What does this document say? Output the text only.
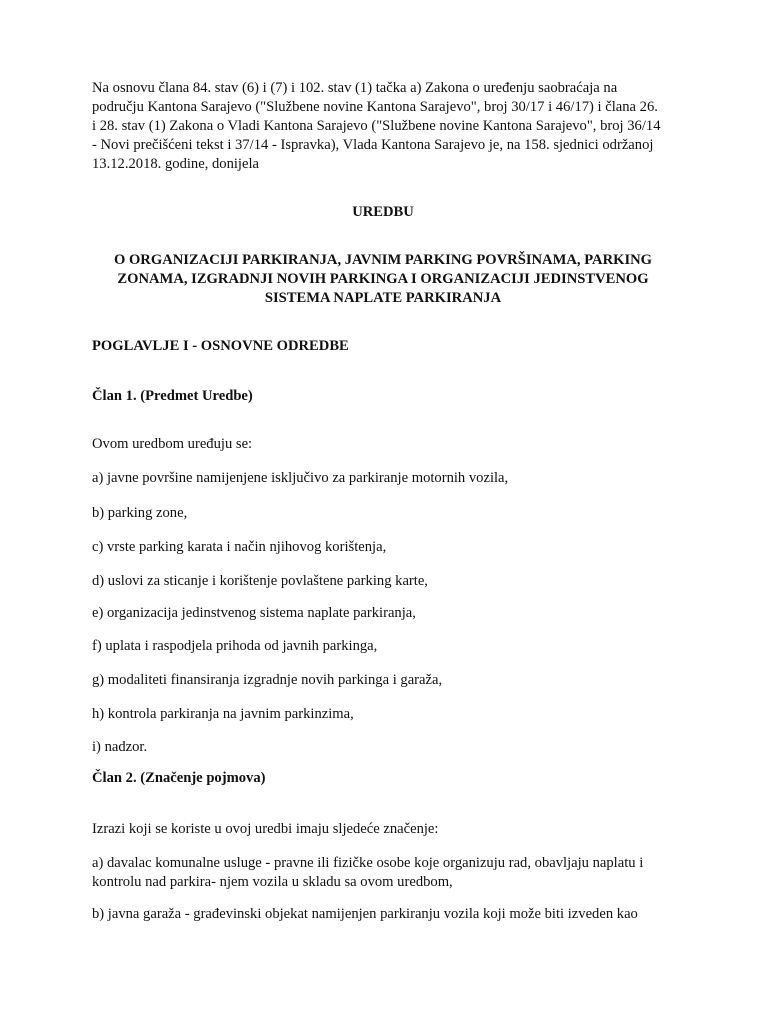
Na osnovu člana 84. stav (6) i (7) i 102. stav (1) tačka a) Zakona o uređenju saobraćaja na području Kantona Sarajevo ("Službene novine Kantona Sarajevo", broj 30/17 i 46/17) i člana 26. i 28. stav (1) Zakona o Vladi Kantona Sarajevo ("Službene novine Kantona Sarajevo", broj 36/14 - Novi prečišćeni tekst i 37/14 - Ispravka), Vlada Kantona Sarajevo je, na 158. sjednici održanoj 13.12.2018. godine, donijela

UREDBU

O ORGANIZACIJI PARKIRANJA, JAVNIM PARKING POVRŠINAMA, PARKING ZONAMA, IZGRADNJI NOVIH PARKINGA I ORGANIZACIJI JEDINSTVENOG SISTEMA NAPLATE PARKIRANJA

POGLAVLJE I - OSNOVNE ODREDBE

Član 1. (Predmet Uredbe)

Ovom uredbom uređuju se:

a) javne površine namijenjene isključivo za parkiranje motornih vozila,

b) parking zone,

c) vrste parking karata i način njihovog korištenja,

d) uslovi za sticanje i korištenje povlaštene parking karte,

e) organizacija jedinstvenog sistema naplate parkiranja,

f) uplata i raspodjela prihoda od javnih parkinga,

g) modaliteti finansiranja izgradnje novih parkinga i garaža,

h) kontrola parkiranja na javnim parkinzima,

i) nadzor.

Član 2. (Značenje pojmova)

Izrazi koji se koriste u ovoj uredbi imaju sljedeće značenje:

a) davalac komunalne usluge - pravne ili fizičke osobe koje organizuju rad, obavljaju naplatu i kontrolu nad parkira- njem vozila u skladu sa ovom uredbom,

b) javna garaža - građevinski objekat namijenjen parkiranju vozila koji može biti izveden kao
